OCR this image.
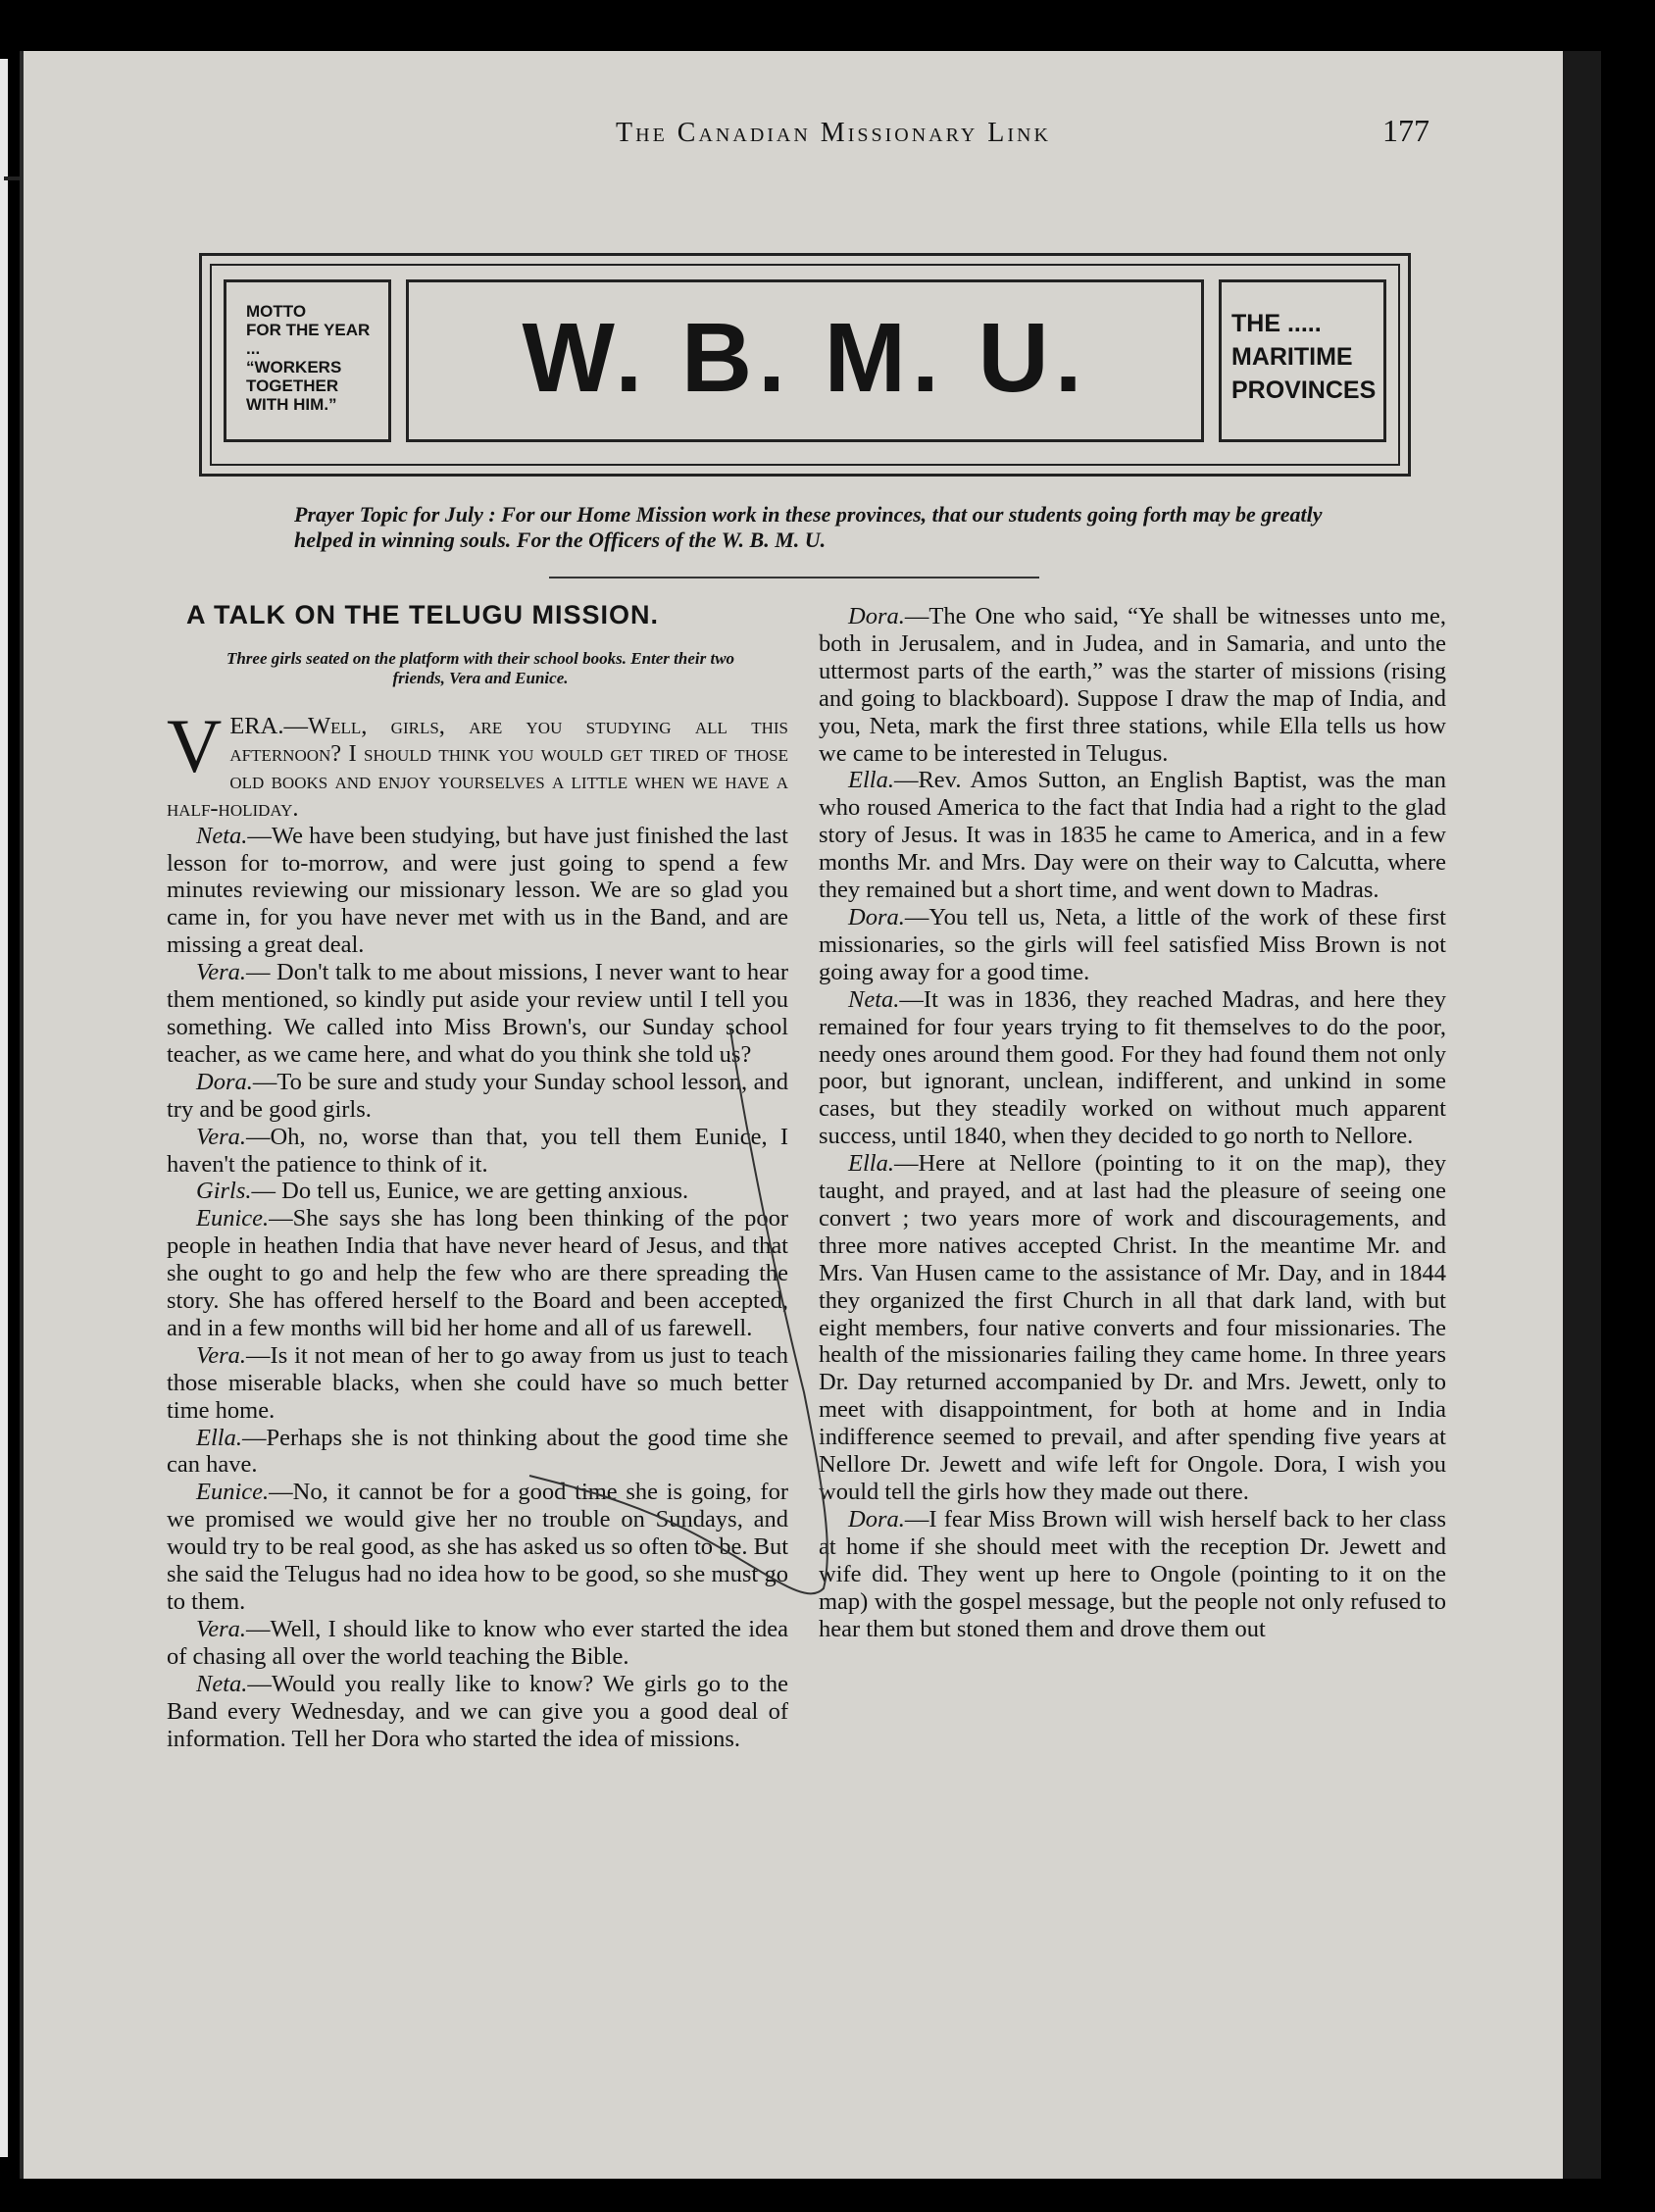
The Canadian Missionary Link	177
MOTTO
FOR THE YEAR
...
“WORKERS
TOGETHER
WITH HIM.”	W. B. M. U.	THE .....
MARITIME
PROVINCES
Prayer Topic for July : For our Home Mission work in these provinces, that our students going forth may be greatly helped in winning souls. For the Officers of the W. B. M. U.
A TALK ON THE TELUGU MISSION.
Three girls seated on the platform with their school books. Enter their two friends, Vera and Eunice.

VERA.—Well, girls, are you studying all this afternoon? I should think you would get tired of those old books and enjoy yourselves a little when we have a half-holiday.

Neta.—We have been studying, but have just finished the last lesson for to-morrow, and were just going to spend a few minutes reviewing our missionary lesson. We are so glad you came in, for you have never met with us in the Band, and are missing a great deal.

Vera.— Don't talk to me about missions, I never want to hear them mentioned, so kindly put aside your review until I tell you something. We called into Miss Brown's, our Sunday school teacher, as we came here, and what do you think she told us?

Dora.—To be sure and study your Sunday school lesson, and try and be good girls.

Vera.—Oh, no, worse than that, you tell them Eunice, I haven't the patience to think of it.

Girls.— Do tell us, Eunice, we are getting anxious.

Eunice.—She says she has long been thinking of the poor people in heathen India that have never heard of Jesus, and that she ought to go and help the few who are there spreading the story. She has offered herself to the Board and been accepted, and in a few months will bid her home and all of us farewell.

Vera.—Is it not mean of her to go away from us just to teach those miserable blacks, when she could have so much better time home.

Ella.—Perhaps she is not thinking about the good time she can have.

Eunice.—No, it cannot be for a good time she is going, for we promised we would give her no trouble on Sundays, and would try to be real good, as she has asked us so often to be. But she said the Telugus had no idea how to be good, so she must go to them.

Vera.—Well, I should like to know who ever started the idea of chasing all over the world teaching the Bible.

Neta.—Would you really like to know? We girls go to the Band every Wednesday, and we can give you a good deal of information. Tell her Dora who started the idea of missions.

Dora.—The One who said, “Ye shall be witnesses unto me, both in Jerusalem, and in Judea, and in Samaria, and unto the uttermost parts of the earth,” was the starter of missions (rising and going to blackboard). Suppose I draw the map of India, and you, Neta, mark the first three stations, while Ella tells us how we came to be interested in Telugus.

Ella.—Rev. Amos Sutton, an English Baptist, was the man who roused America to the fact that India had a right to the glad story of Jesus. It was in 1835 he came to America, and in a few months Mr. and Mrs. Day were on their way to Calcutta, where they remained but a short time, and went down to Madras.

Dora.—You tell us, Neta, a little of the work of these first missionaries, so the girls will feel satisfied Miss Brown is not going away for a good time.

Neta.—It was in 1836, they reached Madras, and here they remained for four years trying to fit themselves to do the poor, needy ones around them good. For they had found them not only poor, but ignorant, unclean, indifferent, and unkind in some cases, but they steadily worked on without much apparent success, until 1840, when they decided to go north to Nellore.

Ella.—Here at Nellore (pointing to it on the map), they taught, and prayed, and at last had the pleasure of seeing one convert ; two years more of work and discouragements, and three more natives accepted Christ. In the meantime Mr. and Mrs. Van Husen came to the assistance of Mr. Day, and in 1844 they organized the first Church in all that dark land, with but eight members, four native converts and four missionaries. The health of the missionaries failing they came home. In three years Dr. Day returned accompanied by Dr. and Mrs. Jewett, only to meet with disappointment, for both at home and in India indifference seemed to prevail, and after spending five years at Nellore Dr. Jewett and wife left for Ongole. Dora, I wish you would tell the girls how they made out there.

Dora.—I fear Miss Brown will wish herself back to her class at home if she should meet with the reception Dr. Jewett and wife did. They went up here to Ongole (pointing to it on the map) with the gospel message, but the people not only refused to hear them but stoned them and drove them out
